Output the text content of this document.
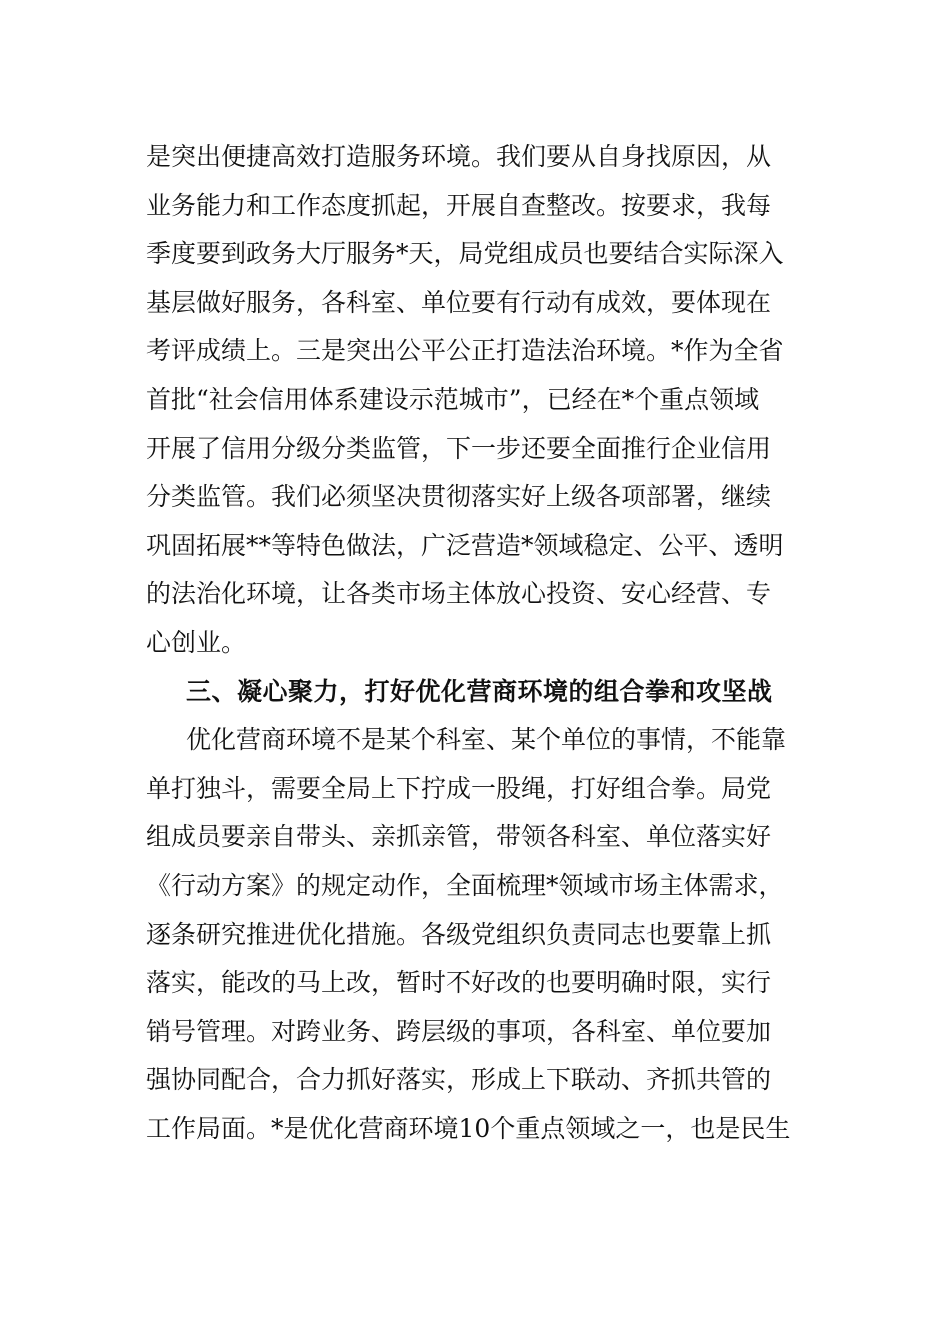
是突出便捷高效打造服务环境。我们要从自身找原因，从
业务能力和工作态度抓起，开展自查整改。按要求，我每
季度要到政务大厅服务*天，局党组成员也要结合实际深入
基层做好服务，各科室、单位要有行动有成效，要体现在
考评成绩上。三是突出公平公正打造法治环境。*作为全省
首批“社会信用体系建设示范城市”，已经在*个重点领域
开展了信用分级分类监管，下一步还要全面推行企业信用
分类监管。我们必须坚决贯彻落实好上级各项部署，继续
巩固拓展**等特色做法，广泛营造*领域稳定、公平、透明
的法治化环境，让各类市场主体放心投资、安心经营、专
心创业。
三、凝心聚力，打好优化营商环境的组合拳和攻坚战
优化营商环境不是某个科室、某个单位的事情，不能靠
单打独斗，需要全局上下拧成一股绳，打好组合拳。局党
组成员要亲自带头、亲抓亲管，带领各科室、单位落实好
《行动方案》的规定动作，全面梳理*领域市场主体需求，
逐条研究推进优化措施。各级党组织负责同志也要靠上抓
落实，能改的马上改，暂时不好改的也要明确时限，实行
销号管理。对跨业务、跨层级的事项，各科室、单位要加
强协同配合，合力抓好落实，形成上下联动、齐抓共管的
工作局面。*是优化营商环境10个重点领域之一，也是民生
